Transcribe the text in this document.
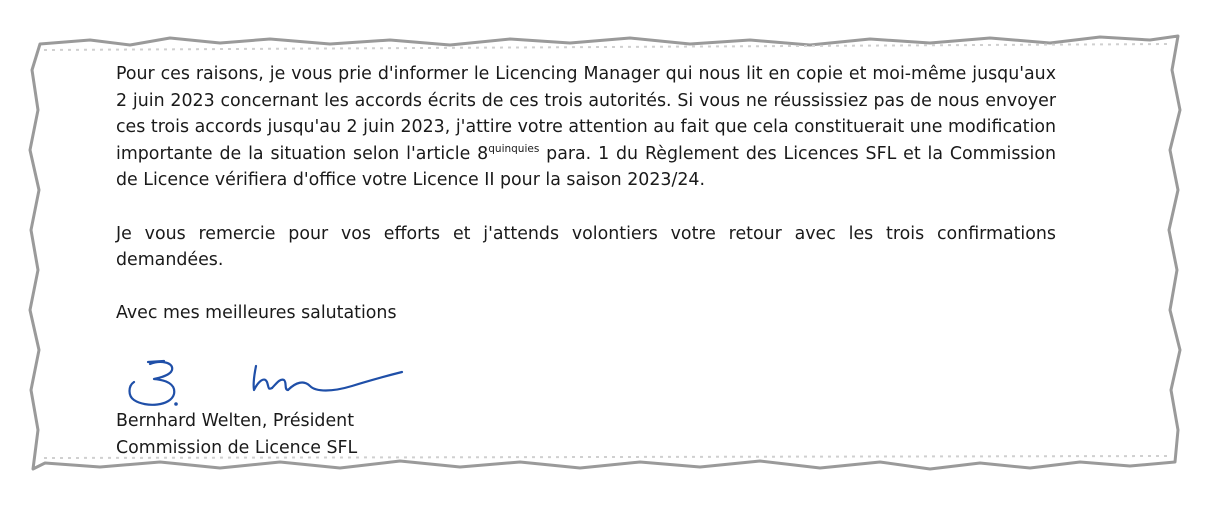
Pour ces raisons, je vous prie d'informer le Licencing Manager qui nous lit en copie et moi-même jusqu'aux 2 juin 2023 concernant les accords écrits de ces trois autorités. Si vous ne réussissiez pas de nous envoyer ces trois accords jusqu'au 2 juin 2023, j'attire votre attention au fait que cela constituerait une modification importante de la situation selon l'article $8^{quinquies}$ para. 1 du Règlement des Licences SFL et la Commission de Licence vérifiera d'office votre Licence II pour la saison 2023/24.

Je vous remercie pour vos efforts et j'attends volontiers votre retour avec les trois confirmations demandées.

Avec mes meilleures salutations

Bernhard Welten, Président
Commission de Licence SFL
